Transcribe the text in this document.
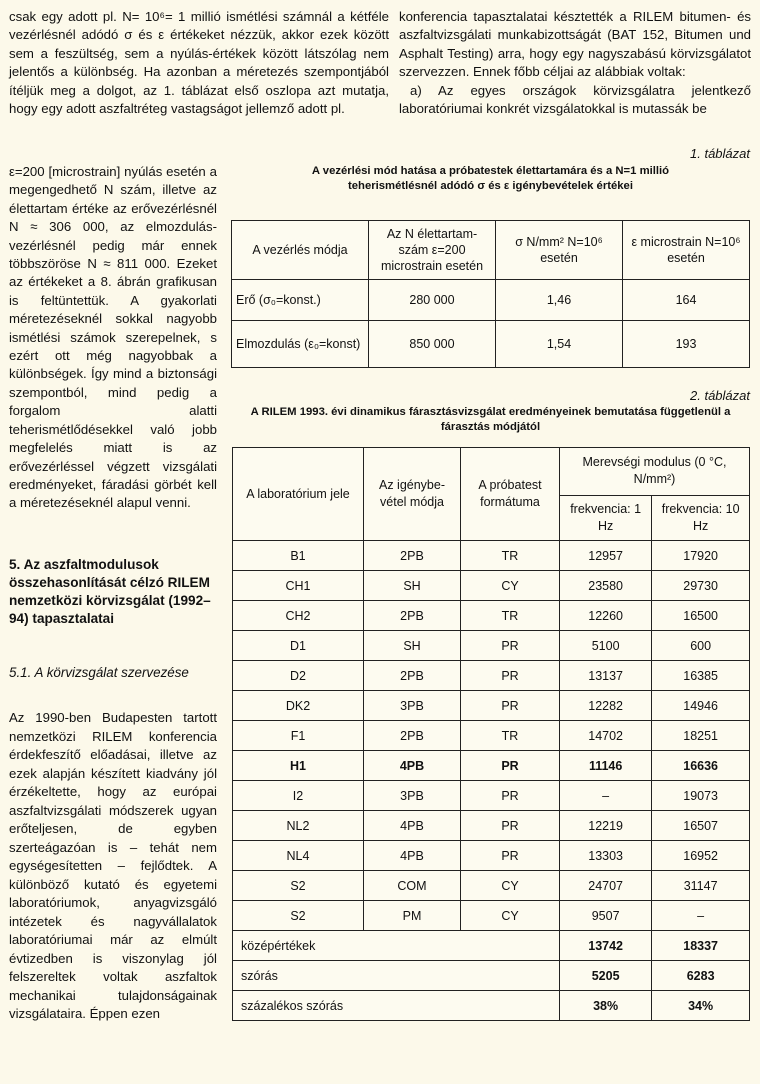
csak egy adott pl. N= 10⁶= 1 millió ismétlési számnál a kétféle vezérlésnél adódó σ és ε értékeket nézzük, akkor ezek között sem a feszültség, sem a nyúlás-értékek között látszólag nem jelentős a különbség. Ha azonban a méretezés szempontjából ítéljük meg a dolgot, az 1. táblázat első oszlopa azt mutatja, hogy egy adott aszfaltréteg vastagságot jellemző adott pl.

ε=200 [microstrain] nyúlás esetén a megengedhető N szám, illetve az élettartam értéke az erővezérlésnél N ≈ 306 000, az elmozdulás-vezérlésnél pedig már ennek többszöröse N ≈ 811 000. Ezeket az értékeket a 8. ábrán grafikusan is feltüntettük. A gyakorlati méretezéseknél sokkal nagyobb ismétlési számok szerepelnek, s ezért ott még nagyobbak a különbségek. Így mind a biztonsági szempontból, mind pedig a forgalom alatti teherismétlődésekkel való jobb megfelelés miatt is az erővezérléssel végzett vizsgálati eredményeket, fáradási görbét kell a méretezéseknél alapul venni.

5. Az aszfaltmodulusok összehasonlítását célzó RILEM nemzetközi körvizsgálat (1992–94) tapasztalatai
5.1. A körvizsgálat szervezése
Az 1990-ben Budapesten tartott nemzetközi RILEM konferencia érdekfeszítő előadásai, illetve az ezek alapján készített kiadvány jól érzékeltette, hogy az európai aszfaltvizsgálati módszerek ugyan erőteljesen, de egyben szerteágazóan is – tehát nem egységesítetten – fejlődtek. A különböző kutató és egyetemi laboratóriumok, anyagvizsgáló intézetek és nagyvállalatok laboratóriumai már az elmúlt évtizedben is viszonylag jól felszereltek voltak aszfaltok mechanikai tulajdonságainak vizsgálataira. Éppen ezen

konferencia tapasztalatai késztették a RILEM bitumen- és aszfaltvizsgálati munkabizottságát (BAT 152, Bitumen und Asphalt Testing) arra, hogy egy nagyszabású körvizsgálatot szervezzen. Ennek főbb céljai az alábbiak voltak:

a) Az egyes országok körvizsgálatra jelentkező laboratóriumai konkrét vizsgálatokkal is mutassák be

1. táblázat
A vezérlési mód hatása a próbatestek élettartamára és a N=1 millió teherismétlésnél adódó σ és ε igénybevételek értékei
A vezérlés módja	Az N élettartam-szám ε=200 microstrain esetén	σ N/mm² N=10⁶ esetén	ε microstrain N=10⁶ esetén
Erő (σ₀=konst.)	280 000	1,46	164
Elmozdulás (ε₀=konst)	850 000	1,54	193
2. táblázat
A RILEM 1993. évi dinamikus fárasztásvizsgálat eredményeinek bemutatása függetlenül a fárasztás módjától
A laboratórium jele	Az igénybe-vétel módja	A próbatest formátuma	Merevségi modulus (0 °C, N/mm²)	
			frekvencia: 1 Hz	frekvencia: 10 Hz
B1	2PB	TR	12957	17920
CH1	SH	CY	23580	29730
CH2	2PB	TR	12260	16500
D1	SH	PR	5100	600
D2	2PB	PR	13137	16385
DK2	3PB	PR	12282	14946
F1	2PB	TR	14702	18251
H1	4PB	PR	11146	16636
I2	3PB	PR	–	19073
NL2	4PB	PR	12219	16507
NL4	4PB	PR	13303	16952
S2	COM	CY	24707	31147
S2	PM	CY	9507	–
középértékek			13742	18337
szórás			5205	6283
százalékos szórás			38%	34%
